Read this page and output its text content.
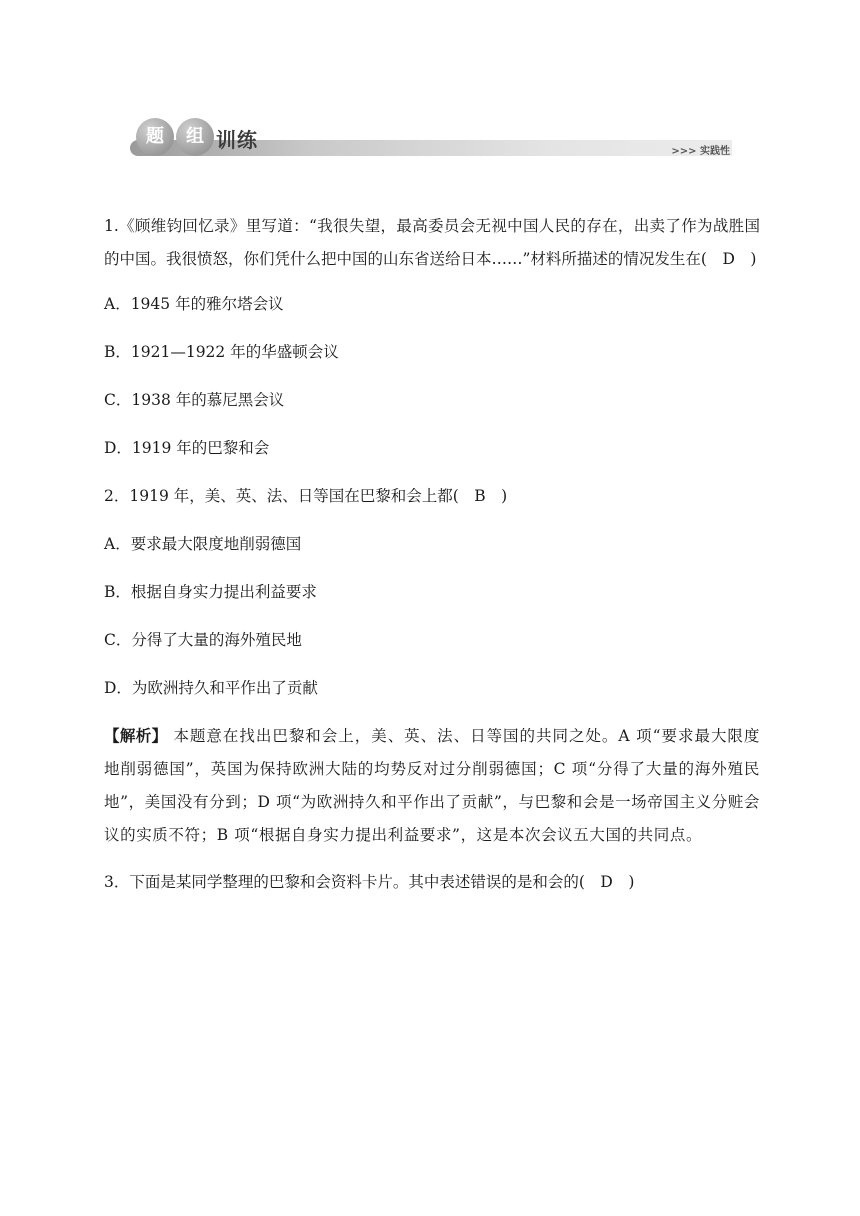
题	组 训练	>>> 实践性

1.《顾维钧回忆录》里写道：“我很失望，最高委员会无视中国人民的存在，出卖了作为战胜国的中国。我很愤怒，你们凭什么把中国的山东省送给日本……”材料所描述的情况发生在(　D　)

A．1945 年的雅尔塔会议

B．1921—1922 年的华盛顿会议

C．1938 年的慕尼黑会议

D．1919 年的巴黎和会

2．1919 年，美、英、法、日等国在巴黎和会上都(　B　)

A．要求最大限度地削弱德国

B．根据自身实力提出利益要求

C．分得了大量的海外殖民地

D．为欧洲持久和平作出了贡献

【解析】 本题意在找出巴黎和会上，美、英、法、日等国的共同之处。A 项“要求最大限度地削弱德国”，英国为保持欧洲大陆的均势反对过分削弱德国；C 项“分得了大量的海外殖民地”，美国没有分到；D 项“为欧洲持久和平作出了贡献”，与巴黎和会是一场帝国主义分赃会议的实质不符；B 项“根据自身实力提出利益要求”，这是本次会议五大国的共同点。

3．下面是某同学整理的巴黎和会资料卡片。其中表述错误的是和会的(　D　)
